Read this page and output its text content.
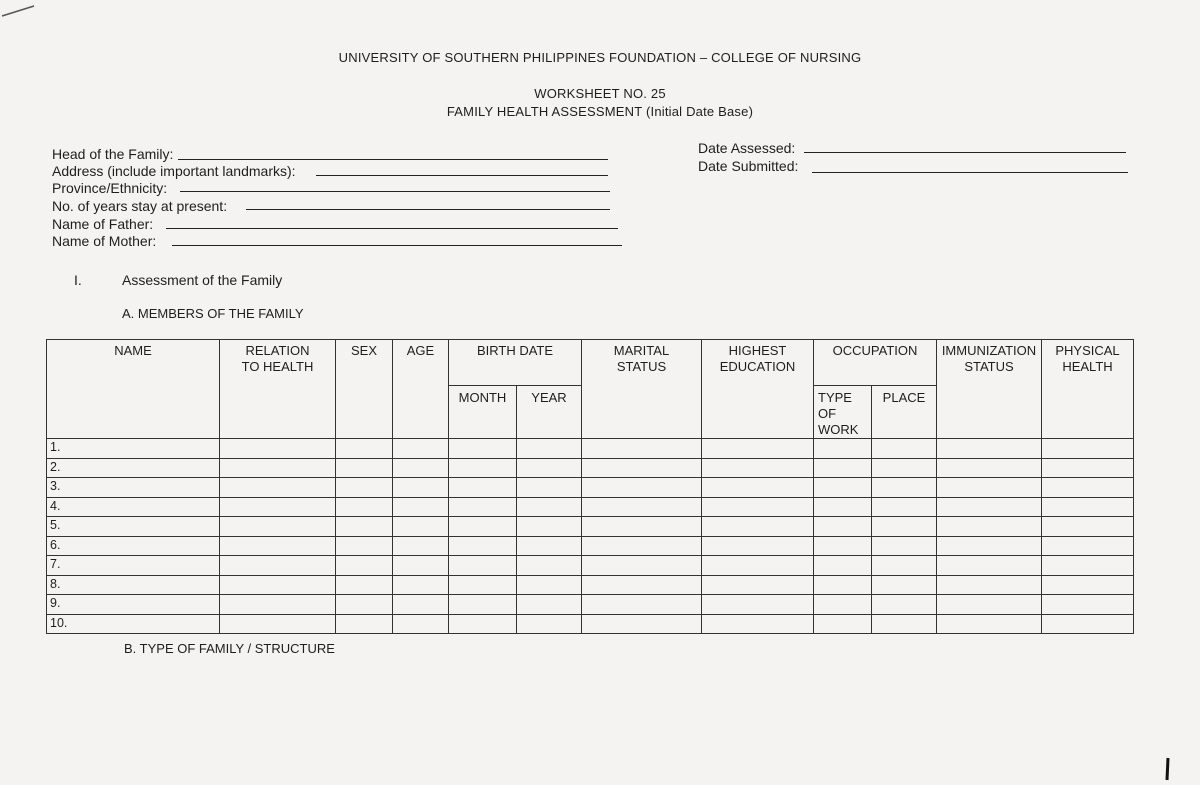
UNIVERSITY OF SOUTHERN PHILIPPINES FOUNDATION – COLLEGE OF NURSING
WORKSHEET NO. 25
FAMILY HEALTH ASSESSMENT (Initial Date Base)
Head of the Family:
Address (include important landmarks):
Province/Ethnicity:
No. of years stay at present:
Name of Father:
Name of Mother:
Date Assessed:
Date Submitted:
I.	Assessment of the Family
A. MEMBERS OF THE FAMILY
NAME	RELATION TO HEALTH	SEX	AGE	BIRTH DATE		MARITAL STATUS	HIGHEST EDUCATION	OCCUPATION		IMMUNIZATION STATUS	PHYSICAL HEALTH

				MONTH	YEAR			TYPE OF WORK	PLACE		
1.											
2.											
3.											
4.											
5.											
6.											
7.											
8.											
9.											
10.											
B. TYPE OF FAMILY / STRUCTURE
